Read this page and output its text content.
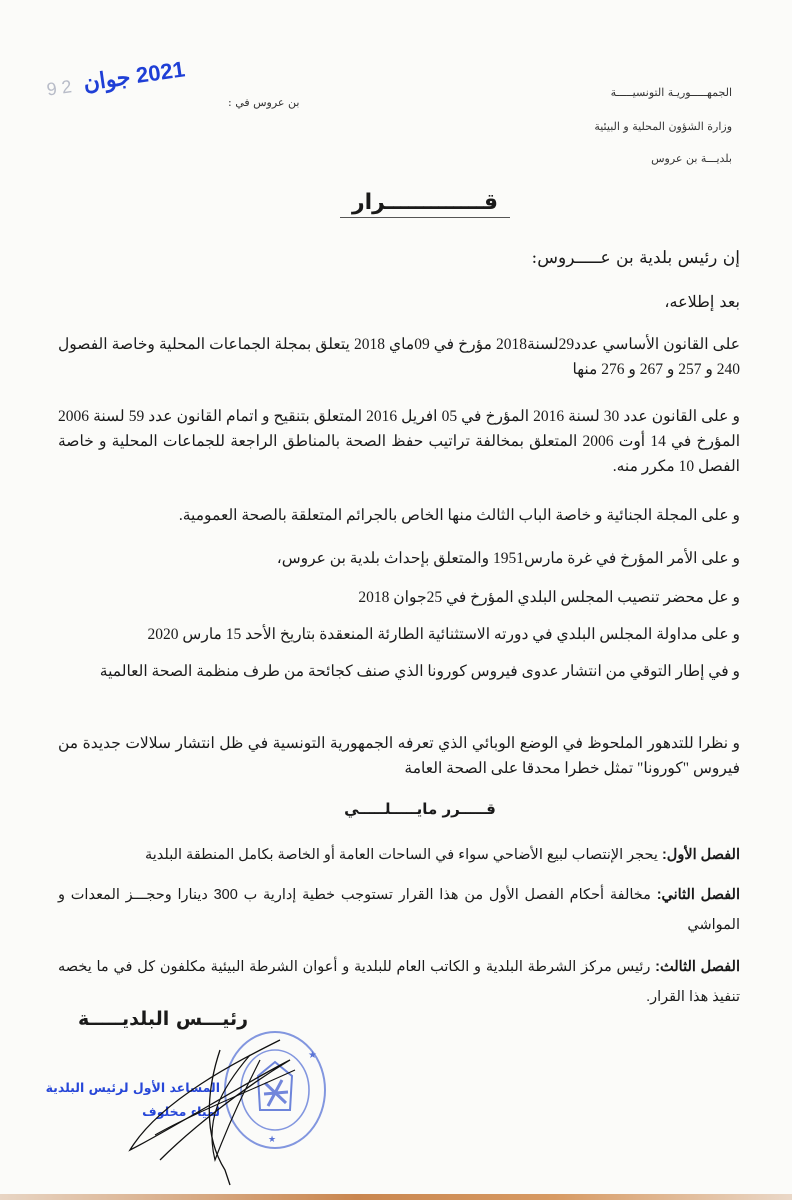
2021 جوان 2 9
بن عروس في :
الجمهـــــوريـة التونسيـــــة
وزارة الشؤون المحلية و البيئية
بلديـــة بن عروس
قـــــــــــــرار
إن رئيس بلدية بن عـــــروس:
بعد إطلاعه،
على القانون الأساسي عدد29لسنة2018 مؤرخ في 09ماي 2018 يتعلق بمجلة الجماعات المحلية وخاصة الفصول 240 و 257 و 267 و 276 منها
و على القانون عدد 30 لسنة 2016 المؤرخ في 05 افريل 2016 المتعلق بتنقيح و اتمام القانون عدد 59 لسنة 2006 المؤرخ في 14 أوت 2006 المتعلق بمخالفة تراتيب حفظ الصحة بالمناطق الراجعة للجماعات المحلية و خاصة الفصل 10 مكرر منه.
و على المجلة الجنائية و خاصة الباب الثالث منها الخاص بالجرائم المتعلقة بالصحة العمومية.
و على الأمر المؤرخ في غرة مارس1951 والمتعلق بإحداث بلدية بن عروس،
و عل محضر تنصيب المجلس البلدي المؤرخ في 25جوان 2018
و على مداولة المجلس البلدي في دورته الاستثنائية الطارئة المنعقدة بتاريخ الأحد 15 مارس 2020
و في إطار التوقي من انتشار عدوى فيروس كورونا الذي صنف كجائحة من طرف منظمة الصحة العالمية
و نظرا للتدهور الملحوظ في الوضع الوبائي الذي تعرفه الجمهورية التونسية في ظل انتشار سلالات جديدة من فيروس "كورونا" تمثل خطرا محدقا على الصحة العامة
قـــــرر مايـــــلـــــي
الفصل الأول: يحجر الإنتصاب لبيع الأضاحي سواء في الساحات العامة أو الخاصة بكامل المنطقة البلدية
الفصل الثاني: مخالفة أحكام الفصل الأول من هذا القرار تستوجب خطية إدارية ب 300 دينارا وحجـــز المعدات و المواشي
الفصل الثالث: رئيس مركز الشرطة البلدية و الكاتب العام للبلدية و أعوان الشرطة البيئية مكلفون كل في ما يخصه تنفيذ هذا القرار.
رئيـــس البلديـــــة
★
★
المساعد الأول لرئيس البلدية
لمياء مخلوف
